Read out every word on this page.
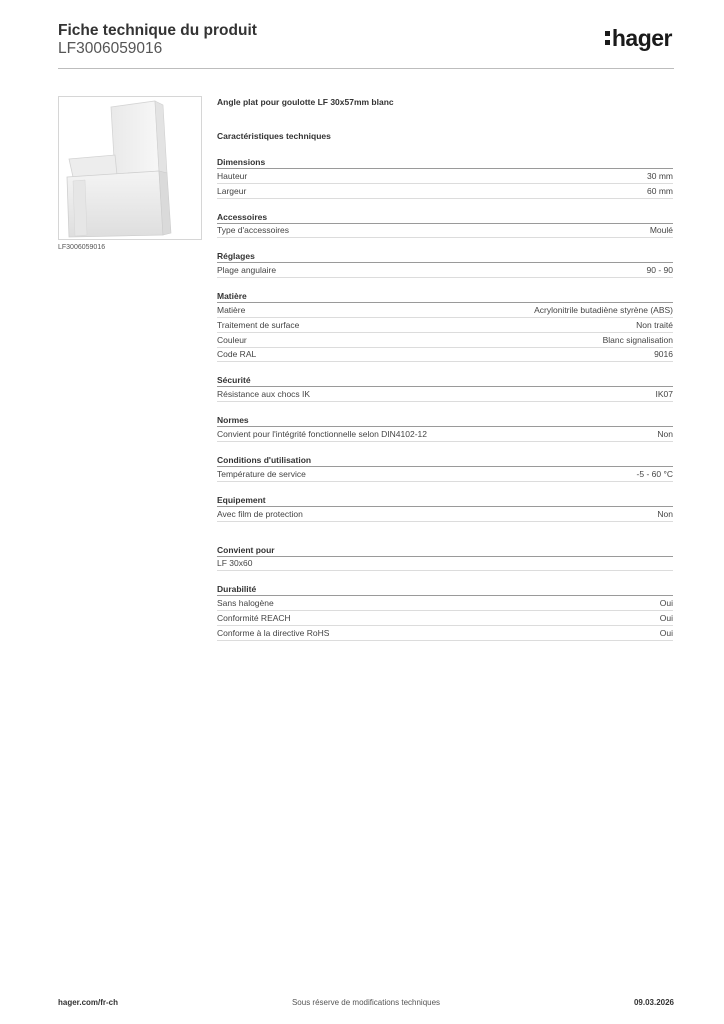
Fiche technique du produit
LF3006059016	hager
LF3006059016
Angle plat pour goulotte LF 30x57mm blanc
Caractéristiques techniques
Dimensions
Hauteur	30 mm
Largeur	60 mm
Accessoires
Type d'accessoires	Moulé
Réglages
Plage angulaire	90 - 90
Matière
Matière	Acrylonitrile butadiène styrène (ABS)
Traitement de surface	Non traité
Couleur	Blanc signalisation
Code RAL	9016
Sécurité
Résistance aux chocs IK	IK07
Normes
Convient pour l'intégrité fonctionnelle selon DIN4102-12	Non
Conditions d'utilisation
Température de service	-5 - 60 °C
Equipement
Avec film de protection	Non
Convient pour
LF 30x60
Durabilité
Sans halogène	Oui
Conformité REACH	Oui
Conforme à la directive RoHS	Oui
hager.com/fr-ch	Sous réserve de modifications techniques	09.03.2026
